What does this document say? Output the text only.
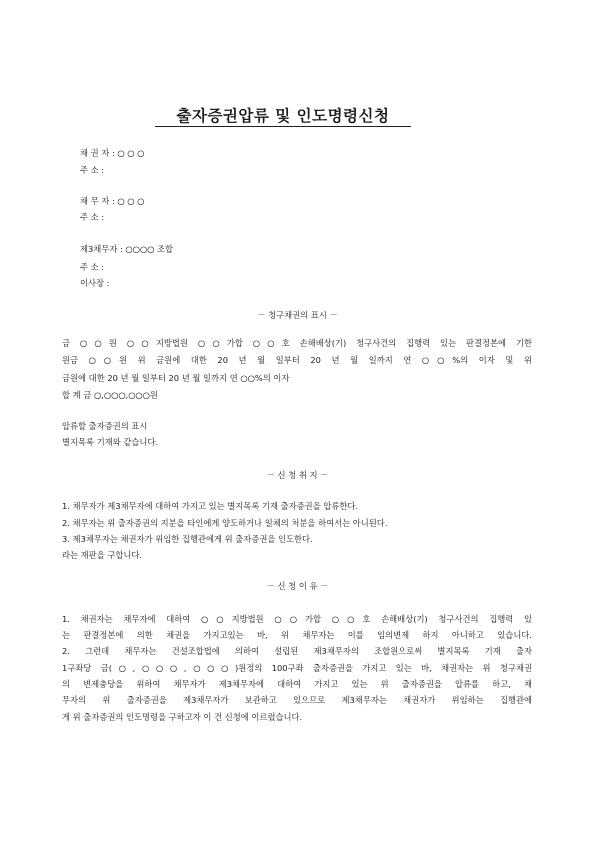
출자증권압류 및 인도명령신청
채 권 자 : ○ ○ ○
주 소 :
채 무 자 : ○ ○ ○
주 소 :
제3채무자 : ○○○○ 조합
주 소 :
이사장 :
－ 청구채권의 표시 －
금 ○○원 ○○지방법원 ○○가합 ○○호 손해배상(기) 청구사건의 집행력 있는 판결정본에 기한
원금 ○○원 위 금원에 대한 20 년 월 일부터 20 년 월 일까지 연 ○○%의 이자 및 위
금원에 대한 20 년 월 일부터 20 년 월 일까지 연 ○○%의 이자
합 계 금 ○,○○○,○○○원
압류할 출자증권의 표시
별지목록 기재와 같습니다.
－ 신 청 취 지 －
1. 채무자가 제3채무자에 대하여 가지고 있는 별지목록 기재 출자증권을 압류한다.
2. 채무자는 위 출자증권의 지분을 타인에게 양도하거나 일체의 처분을 하여서는 아니된다.
3. 제3채무자는 채권자가 위임한 집행관에게 위 출자증권을 인도한다.
라는 재판을 구합니다.
－ 신 청 이 유 －
1. 채권자는 채무자에 대하여 ○○지방법원 ○○가합 ○○호 손해배상(기) 청구사건의 집행력 있
는 판결정본에 의한 채권을 가지고있는 바, 위 채무자는 이를 임의변제 하지 아니하고 있습니다.
2. 그런데 채무자는 건설조합법에 의하여 설립된 제3채무자의 조합원으로써 별지목록 기재 출자
1구좌당 금(○,○○○,○○○)원정의 100구좌 출자증권을 가지고 있는 바, 채권자는 위 청구채권
의 변제충당을 위하여 채무자가 제3채무자에 대하여 가지고 있는 위 출자증권을 압류를 하고, 채
무자의 위 출자증권을 제3채무자가 보관하고 있으므로 제3채무자는 채권자가 위임하는 집행관에
게 위 출자증권의 인도명령을 구하고자 이 건 신청에 이르렀습니다.
